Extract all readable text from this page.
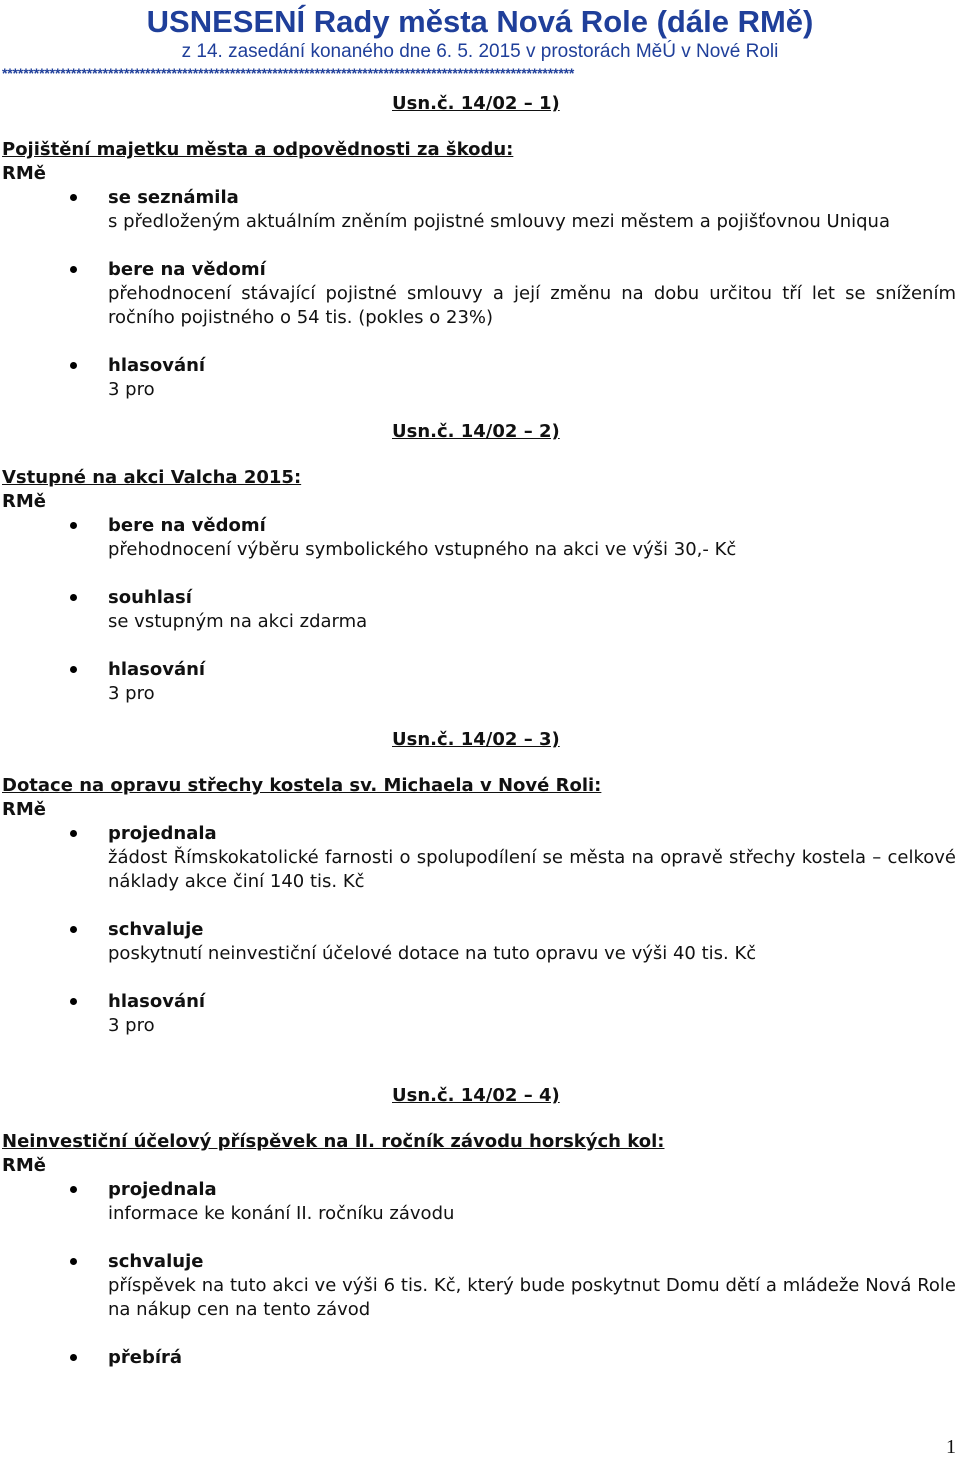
USNESENÍ Rady města Nová Role (dále RMě)
z 14. zasedání konaného dne 6. 5. 2015 v prostorách MěÚ v Nové Roli
************************************************************************************************************
Usn.č. 14/02 – 1)
Pojištění majetku města a odpovědnosti za škodu:
RMě
se seznámila
s předloženým aktuálním zněním pojistné smlouvy mezi městem a pojišťovnou Uniqua
bere na vědomí
přehodnocení stávající pojistné smlouvy a její změnu na dobu určitou tří let se snížením ročního pojistného o 54 tis. (pokles o 23%)
hlasování
3 pro
Usn.č. 14/02 – 2)
Vstupné na akci Valcha 2015:
RMě
bere na vědomí
přehodnocení výběru symbolického vstupného na akci ve výši 30,- Kč
souhlasí
se vstupným na akci zdarma
hlasování
3 pro
Usn.č. 14/02 – 3)
Dotace na opravu střechy kostela sv. Michaela v Nové Roli:
RMě
projednala
žádost Římskokatolické farnosti o spolupodílení se města na opravě střechy kostela – celkové náklady akce činí 140 tis. Kč
schvaluje
poskytnutí neinvestiční účelové dotace na tuto opravu ve výši 40 tis. Kč
hlasování
3 pro
Usn.č. 14/02 – 4)
Neinvestiční účelový příspěvek na II. ročník závodu horských kol:
RMě
projednala
informace ke konání II. ročníku závodu
schvaluje
příspěvek na tuto akci ve výši 6 tis. Kč, který bude poskytnut Domu dětí a mládeže Nová Role na nákup cen na tento závod
přebírá
1
